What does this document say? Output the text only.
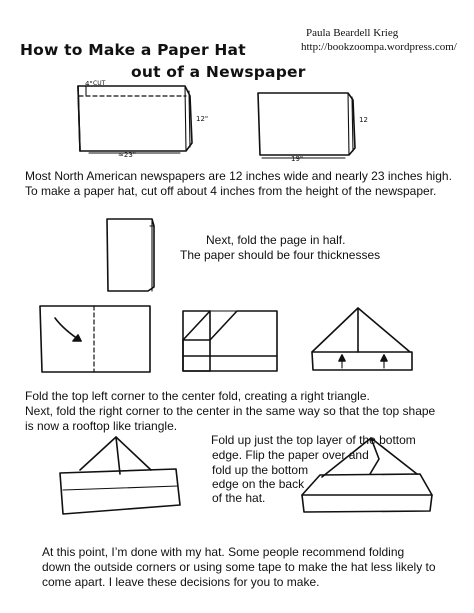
Paula Beardell Krieg
http://bookzoompa.wordpress.com/
How to Make a Paper Hat
out of a Newspaper
4" CUT
12"
≈23"
12
19"
Most North American newspapers are 12 inches wide and nearly 23 inches high.
To make a paper hat, cut off about 4 inches from the height of the newspaper.
Next, fold the page in half.
The paper should be four thicknesses
Fold the top left corner to the center fold, creating a right triangle.
Next, fold the right corner to the center in the same way so that the top shape
is now a rooftop like triangle.
Fold up just the top layer of the bottom
edge. Flip the paper over and
fold up the bottom
edge on the back
of the hat.
At this point, I’m done with my hat. Some people recommend folding
down the outside corners or using some tape to make the hat less likely to
come apart. I leave these decisions for you to make.
